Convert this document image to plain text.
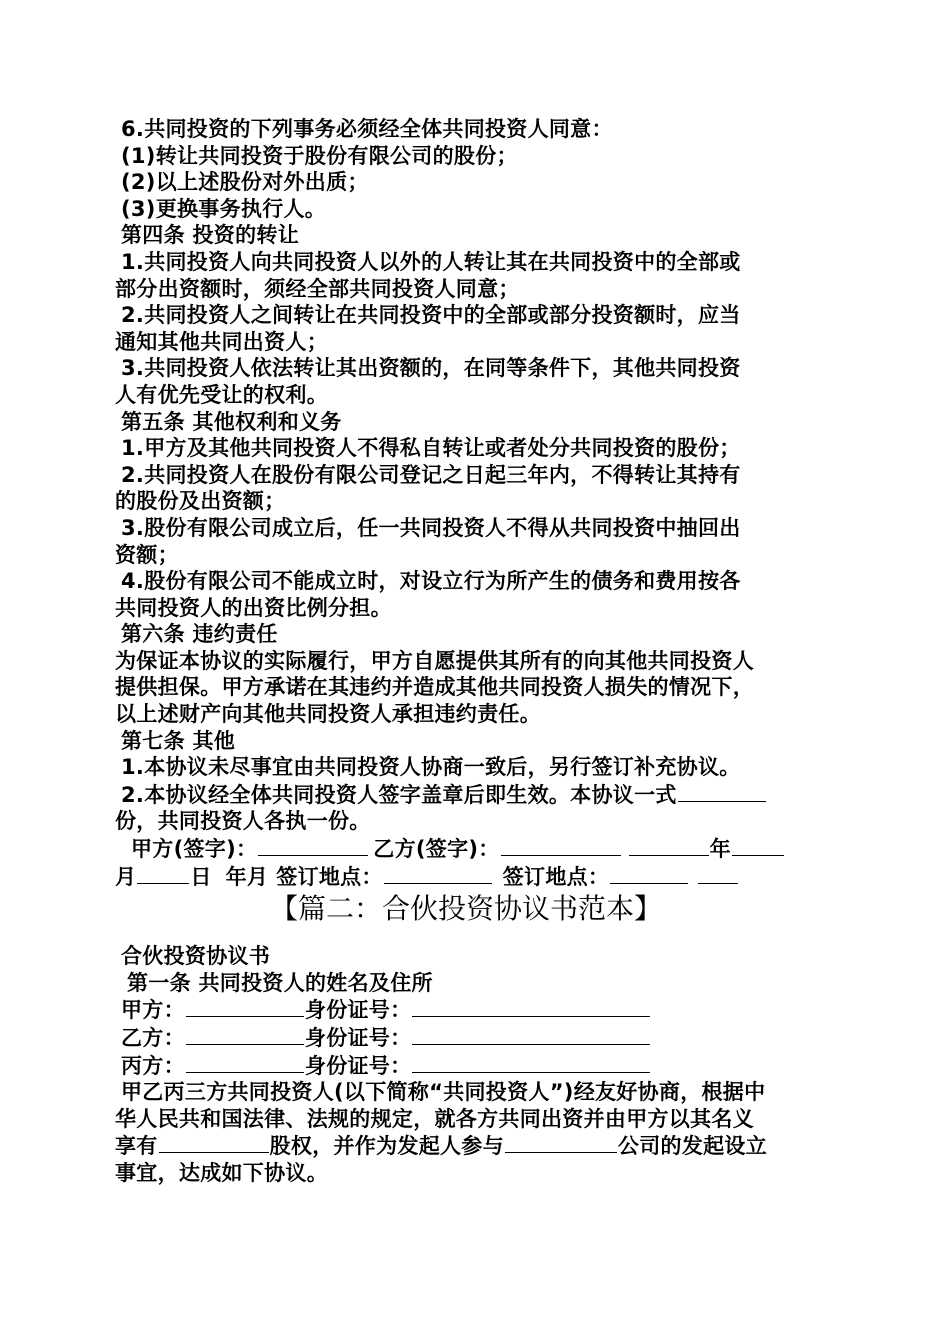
6.共同投资的下列事务必须经全体共同投资人同意：
(1)转让共同投资于股份有限公司的股份；
(2)以上述股份对外出质；
(3)更换事务执行人。
第四条 投资的转让
1.共同投资人向共同投资人以外的人转让其在共同投资中的全部或
部分出资额时，须经全部共同投资人同意；
2.共同投资人之间转让在共同投资中的全部或部分投资额时，应当
通知其他共同出资人；
3.共同投资人依法转让其出资额的，在同等条件下，其他共同投资
人有优先受让的权利。
第五条 其他权利和义务
1.甲方及其他共同投资人不得私自转让或者处分共同投资的股份；
2.共同投资人在股份有限公司登记之日起三年内，不得转让其持有
的股份及出资额；
3.股份有限公司成立后，任一共同投资人不得从共同投资中抽回出
资额；
4.股份有限公司不能成立时，对设立行为所产生的债务和费用按各
共同投资人的出资比例分担。
第六条 违约责任
为保证本协议的实际履行，甲方自愿提供其所有的向其他共同投资人
提供担保。甲方承诺在其违约并造成其他共同投资人损失的情况下，
以上述财产向其他共同投资人承担违约责任。
第七条 其他
1.本协议未尽事宜由共同投资人协商一致后，另行签订补充协议。
2.本协议经全体共同投资人签字盖章后即生效。本协议一式
份，共同投资人各执一份。
甲方(签字)：	乙方(签字)：	年
月	日 年月 签订地点：	签订地点：
【篇二：合伙投资协议书范本】
合伙投资协议书
第一条 共同投资人的姓名及住所
甲方：	身份证号：
乙方：	身份证号：
丙方：	身份证号：
甲乙丙三方共同投资人(以下简称“共同投资人”)经友好协商，根据中
华人民共和国法律、法规的规定，就各方共同出资并由甲方以其名义
享有	股权，并作为发起人参与	公司的发起设立
事宜，达成如下协议。
